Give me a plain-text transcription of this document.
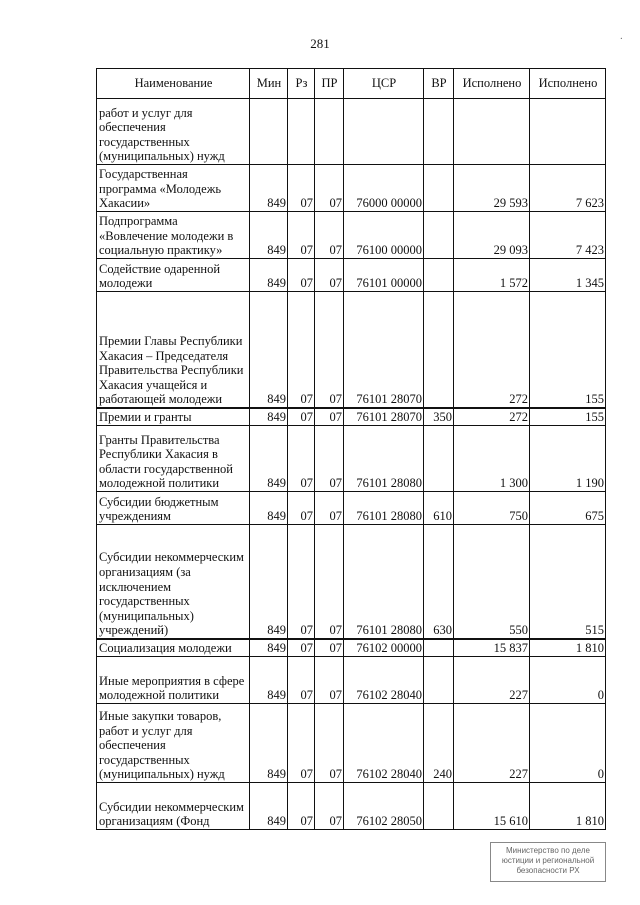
281	.
Наименование	Мин	Рз	ПР	ЦСР	ВР	Исполнено	Исполнено
работ и услуг для обеспечения государственных (муниципальных) нужд							
Государственная программа «Молодежь Хакасии»	849	07	07	76000 00000		29 593	7 623
Подпрограмма «Вовлечение молодежи в социальную практику»	849	07	07	76100 00000		29 093	7 423
Содействие одаренной молодежи	849	07	07	76101 00000		1 572	1 345
Премии Главы Республики Хакасия – Председателя Правительства Республики Хакасия учащейся и работающей молодежи	849	07	07	76101 28070		272	155
Премии и гранты	849	07	07	76101 28070	350	272	155
Гранты Правительства Республики Хакасия в области государственной молодежной политики	849	07	07	76101 28080		1 300	1 190
Субсидии бюджетным учреждениям	849	07	07	76101 28080	610	750	675
Субсидии некоммерческим организациям (за исключением государственных (муниципальных) учреждений)	849	07	07	76101 28080	630	550	515
Социализация молодежи	849	07	07	76102 00000		15 837	1 810
Иные мероприятия в сфере молодежной политики	849	07	07	76102 28040		227	0
Иные закупки товаров, работ и услуг для обеспечения государственных (муниципальных) нужд	849	07	07	76102 28040	240	227	0
Субсидии некоммерческим организациям (Фонд	849	07	07	76102 28050		15 610	1 810
Министерство по деле
юстиции и региональной
безопасности РХ
